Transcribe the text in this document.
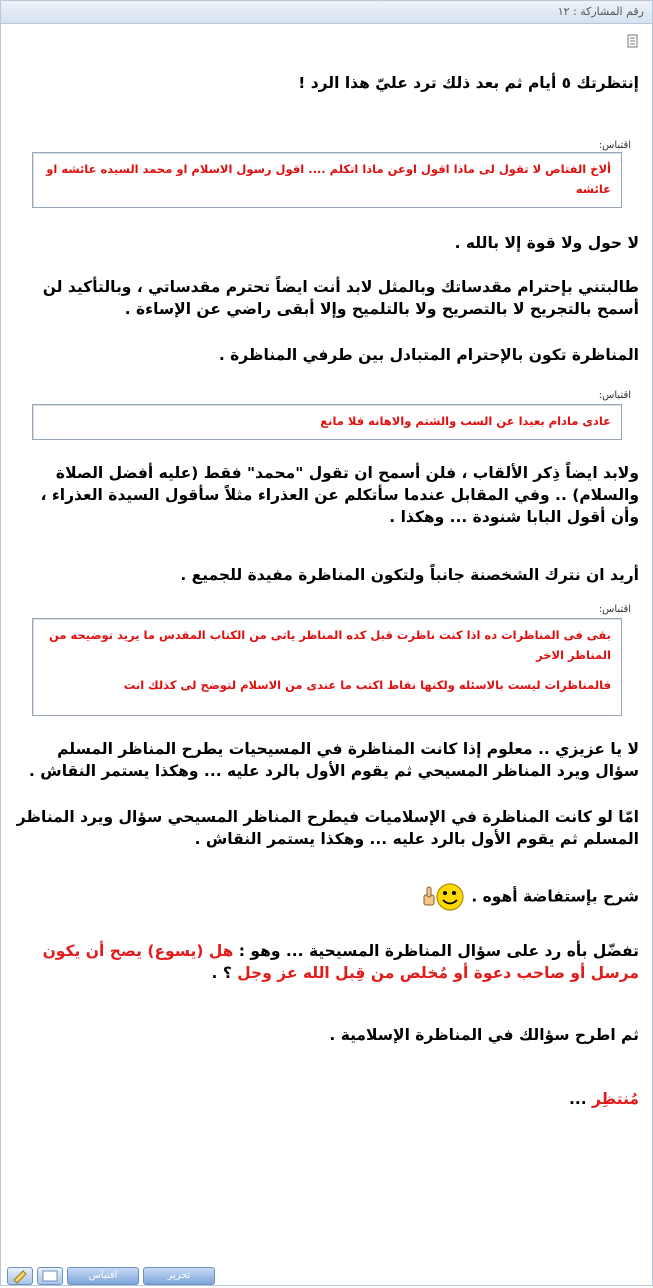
رقم المشاركة : ١٢
إنتظرتك ٥ أيام ثم بعد ذلك ترد عليّ هذا الرد !
اقتباس:
ألاخ الفتاص لا تقول لى ماذا اقول اوعن ماذا اتكلم .... اقول رسول الاسلام او محمد السيده عائشه او عائشه
لا حول ولا قوة إلا بالله .
طالبتني بإحترام مقدساتك وبالمثل لابد أنت ايضاً تحترم مقدساتي ، وبالتأكيد لن أسمح بالتجريح لا بالتصريح ولا بالتلميح وإلا أبقى راضي عن الإساءة .
المناظرة تكون بالإحترام المتبادل بين طرفي المناظرة .
اقتباس:
عادى مادام بعيدا عن السب والشتم والاهانه فلا مانع
ولابد ايضاً ذِكر الألقاب ، فلن أسمح ان تقول "محمد" فقط (عليه أفضل الصلاة والسلام) .. وفي المقابل عندما سأتكلم عن العذراء مثلاً سأقول السيدة العذراء ، وأن أقول البابا شنودة ... وهكذا .
أريد ان نترك الشخصنة جانباً ولتكون المناظرة مفيدة للجميع .
اقتباس:
بقى فى المناظرات ده اذا كنت ناظرت قبل كده المناظر ياتى من الكتاب المقدس ما يريد توضيحه من المناظر الاخر
فالمناظرات ليست بالاسئله ولكنها نقاط اكتب ما عندى من الاسلام لتوضح لى كذلك انت
لا يا عزيزي .. معلوم إذا كانت المناظرة في المسيحيات يطرح المناظر المسلم سؤال ويرد المناظر المسيحي ثم يقوم الأول بالرد عليه ... وهكذا يستمر النقاش .
امّا لو كانت المناظرة في الإسلاميات فيطرح المناظر المسيحي سؤال ويرد المناظر المسلم ثم يقوم الأول بالرد عليه ... وهكذا يستمر النقاش .
شرح بإستفاضة أهوه .
تفضّل بأه رد على سؤال المناظرة المسيحية ... وهو : هل (يسوع) يصح أن يكون مرسل أو صاحب دعوة أو مُخلص من قِبل الله عز وجل ؟ .
ثم اطرح سؤالك في المناظرة الإسلامية .
مُنتظِر ...
اقتباس	تحرير
